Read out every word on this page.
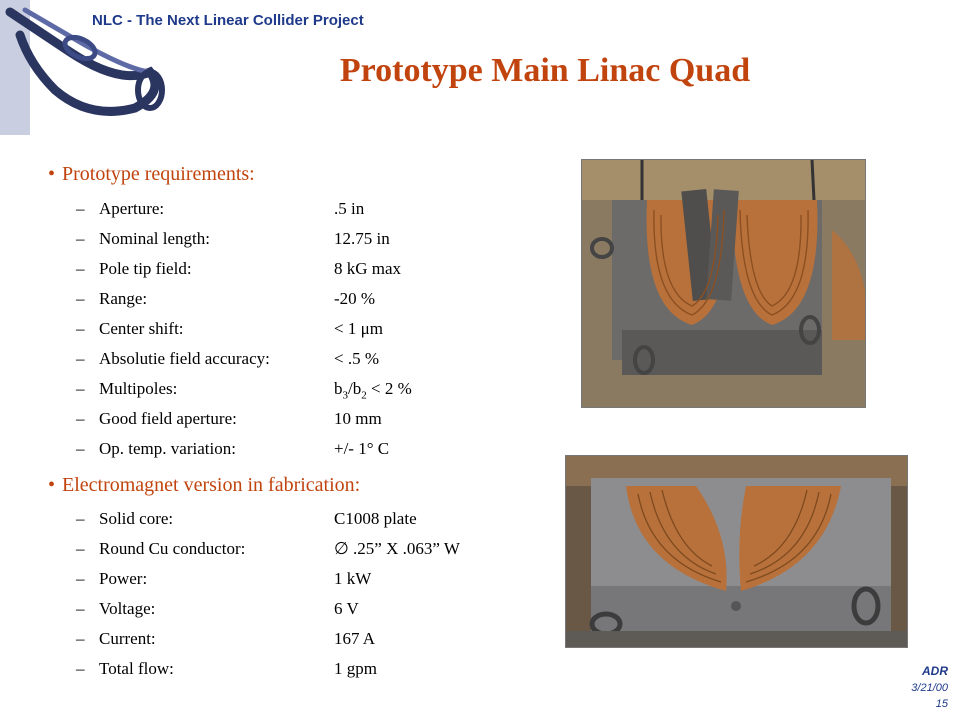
NLC - The Next Linear Collider Project
Prototype Main Linac Quad
• Prototype requirements:
– Aperture:	.5 in
– Nominal length:	12.75 in
– Pole tip field:	8 kG max
– Range:	-20 %
– Center shift:	< 1 μm
– Absolutie field accuracy:	< .5 %
– Multipoles:	$b_3/b_2 < 2$ %
– Good field aperture:	10 mm
– Op. temp. variation:	+/- 1° C
• Electromagnet version in fabrication:
– Solid core:	C1008 plate
– Round Cu conductor:	∅ .25” X .063” W
– Power:	1 kW
– Voltage:	6 V
– Current:	167 A
– Total flow:	1 gpm	ADR
3/21/00
15
